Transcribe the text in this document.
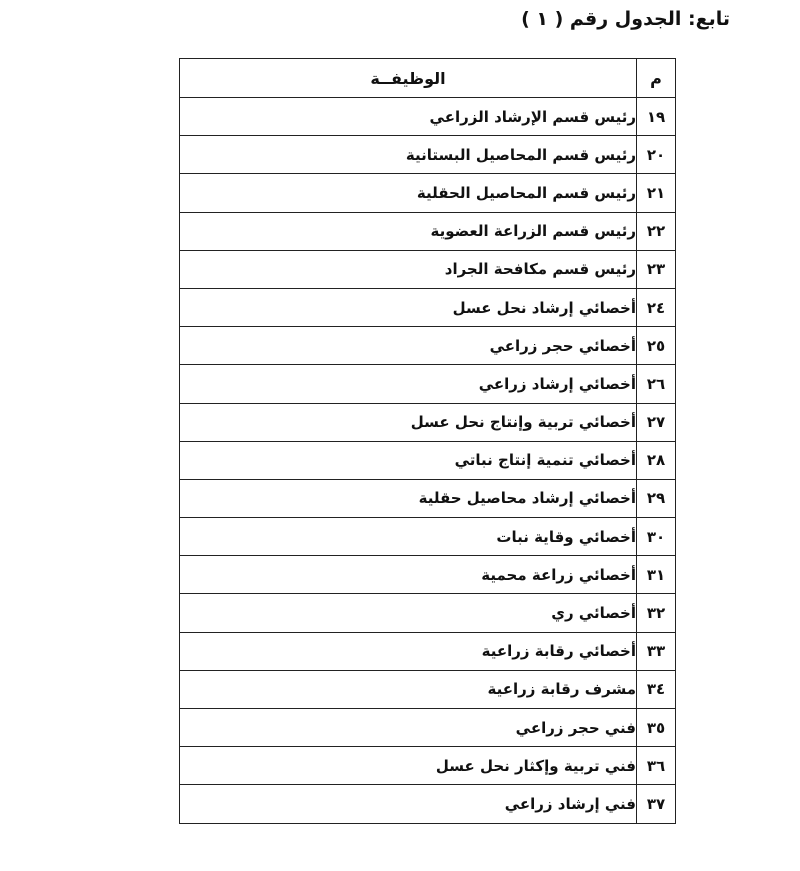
تابع: الجدول رقم ( ١ )
م	الوظيفــة
١٩	رئيس قسم الإرشاد الزراعي
٢٠	رئيس قسم المحاصيل البستانية
٢١	رئيس قسم المحاصيل الحقلية
٢٢	رئيس قسم الزراعة العضوية
٢٣	رئيس قسم مكافحة الجراد
٢٤	أخصائي إرشاد نحل عسل
٢٥	أخصائي حجر زراعي
٢٦	أخصائي إرشاد زراعي
٢٧	أخصائي تربية وإنتاج نحل عسل
٢٨	أخصائي تنمية إنتاج نباتي
٢٩	أخصائي إرشاد محاصيل حقلية
٣٠	أخصائي وقاية نبات
٣١	أخصائي زراعة محمية
٣٢	أخصائي ري
٣٣	أخصائي رقابة زراعية
٣٤	مشرف رقابة زراعية
٣٥	فني حجر زراعي
٣٦	فني تربية وإكثار نحل عسل
٣٧	فني إرشاد زراعي
